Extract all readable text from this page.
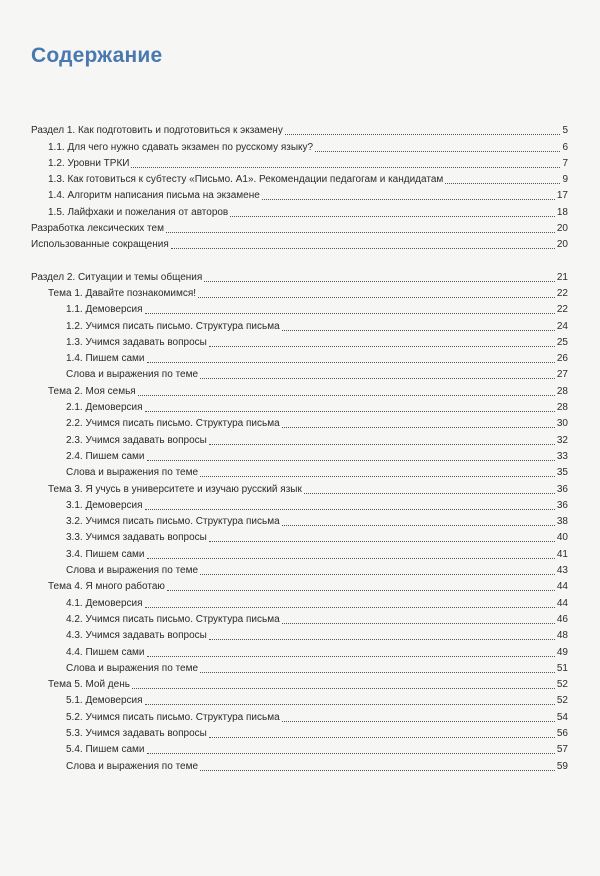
Содержание
Раздел 1. Как подготовить и подготовиться к экзамену	5
1.1. Для чего нужно сдавать экзамен по русскому языку?	6
1.2. Уровни ТРКИ	7
1.3. Как готовиться к субтесту «Письмо. А1». Рекомендации педагогам и кандидатам	9
1.4. Алгоритм написания письма на экзамене	17
1.5. Лайфхаки и пожелания от авторов	18
Разработка лексических тем	20
Использованные сокращения	20
Раздел 2. Ситуации и темы общения	21
Тема 1. Давайте познакомимся!	22
1.1. Демоверсия	22
1.2. Учимся писать письмо. Структура письма	24
1.3. Учимся задавать вопросы	25
1.4. Пишем сами	26
Слова и выражения по теме	27
Тема 2. Моя семья	28
2.1. Демоверсия	28
2.2. Учимся писать письмо. Структура письма	30
2.3. Учимся задавать вопросы	32
2.4. Пишем сами	33
Слова и выражения по теме	35
Тема 3. Я учусь в университете и изучаю русский язык	36
3.1. Демоверсия	36
3.2. Учимся писать письмо. Структура письма	38
3.3. Учимся задавать вопросы	40
3.4. Пишем сами	41
Слова и выражения по теме	43
Тема 4. Я много работаю	44
4.1. Демоверсия	44
4.2. Учимся писать письмо. Структура письма	46
4.3. Учимся задавать вопросы	48
4.4. Пишем сами	49
Слова и выражения по теме	51
Тема 5. Мой день	52
5.1. Демоверсия	52
5.2. Учимся писать письмо. Структура письма	54
5.3. Учимся задавать вопросы	56
5.4. Пишем сами	57
Слова и выражения по теме	59
